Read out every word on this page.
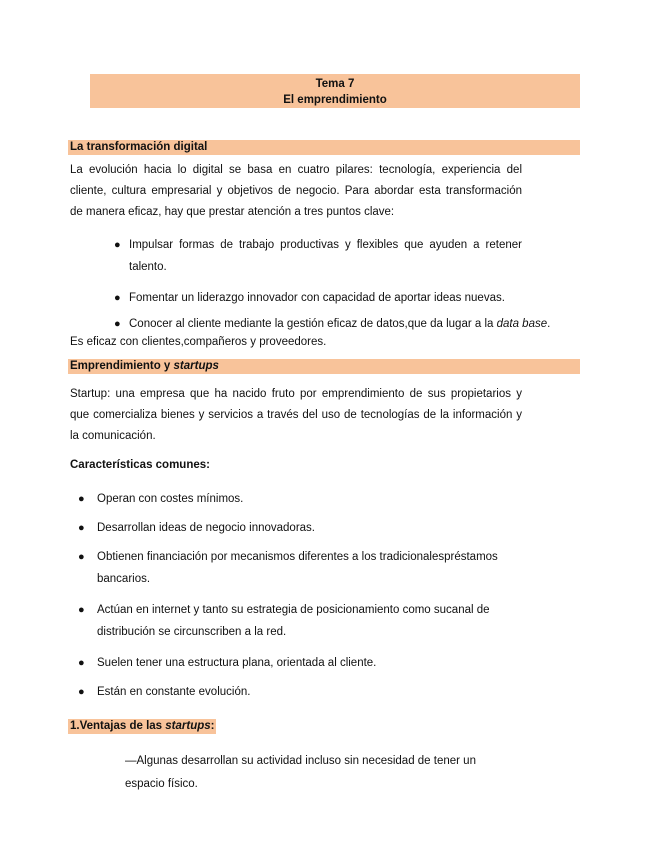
Tema 7
El emprendimiento
La transformación digital
La evolución hacia lo digital se basa en cuatro pilares: tecnología, experiencia del
cliente, cultura empresarial y objetivos de negocio. Para abordar esta transformación
de manera eficaz, hay que prestar atención a tres puntos clave:
● Impulsar formas de trabajo productivas y flexibles que ayuden a retener
talento.
● Fomentar un liderazgo innovador con capacidad de aportar ideas nuevas.
● Conocer al cliente mediante la gestión eficaz de datos,que da lugar a la data base.
Es eficaz con clientes,compañeros y proveedores.
Emprendimiento y startups
Startup: una empresa que ha nacido fruto por emprendimiento de sus propietarios y
que comercializa bienes y servicios a través del uso de tecnologías de la información y
la comunicación.
Características comunes:
● Operan con costes mínimos.
● Desarrollan ideas de negocio innovadoras.
● Obtienen financiación por mecanismos diferentes a los tradicionalespréstamos
bancarios.
● Actúan en internet y tanto su estrategia de posicionamiento como sucanal de
distribución se circunscriben a la red.
● Suelen tener una estructura plana, orientada al cliente.
● Están en constante evolución.
1.Ventajas de las startups:
—Algunas desarrollan su actividad incluso sin necesidad de tener un
espacio físico.
